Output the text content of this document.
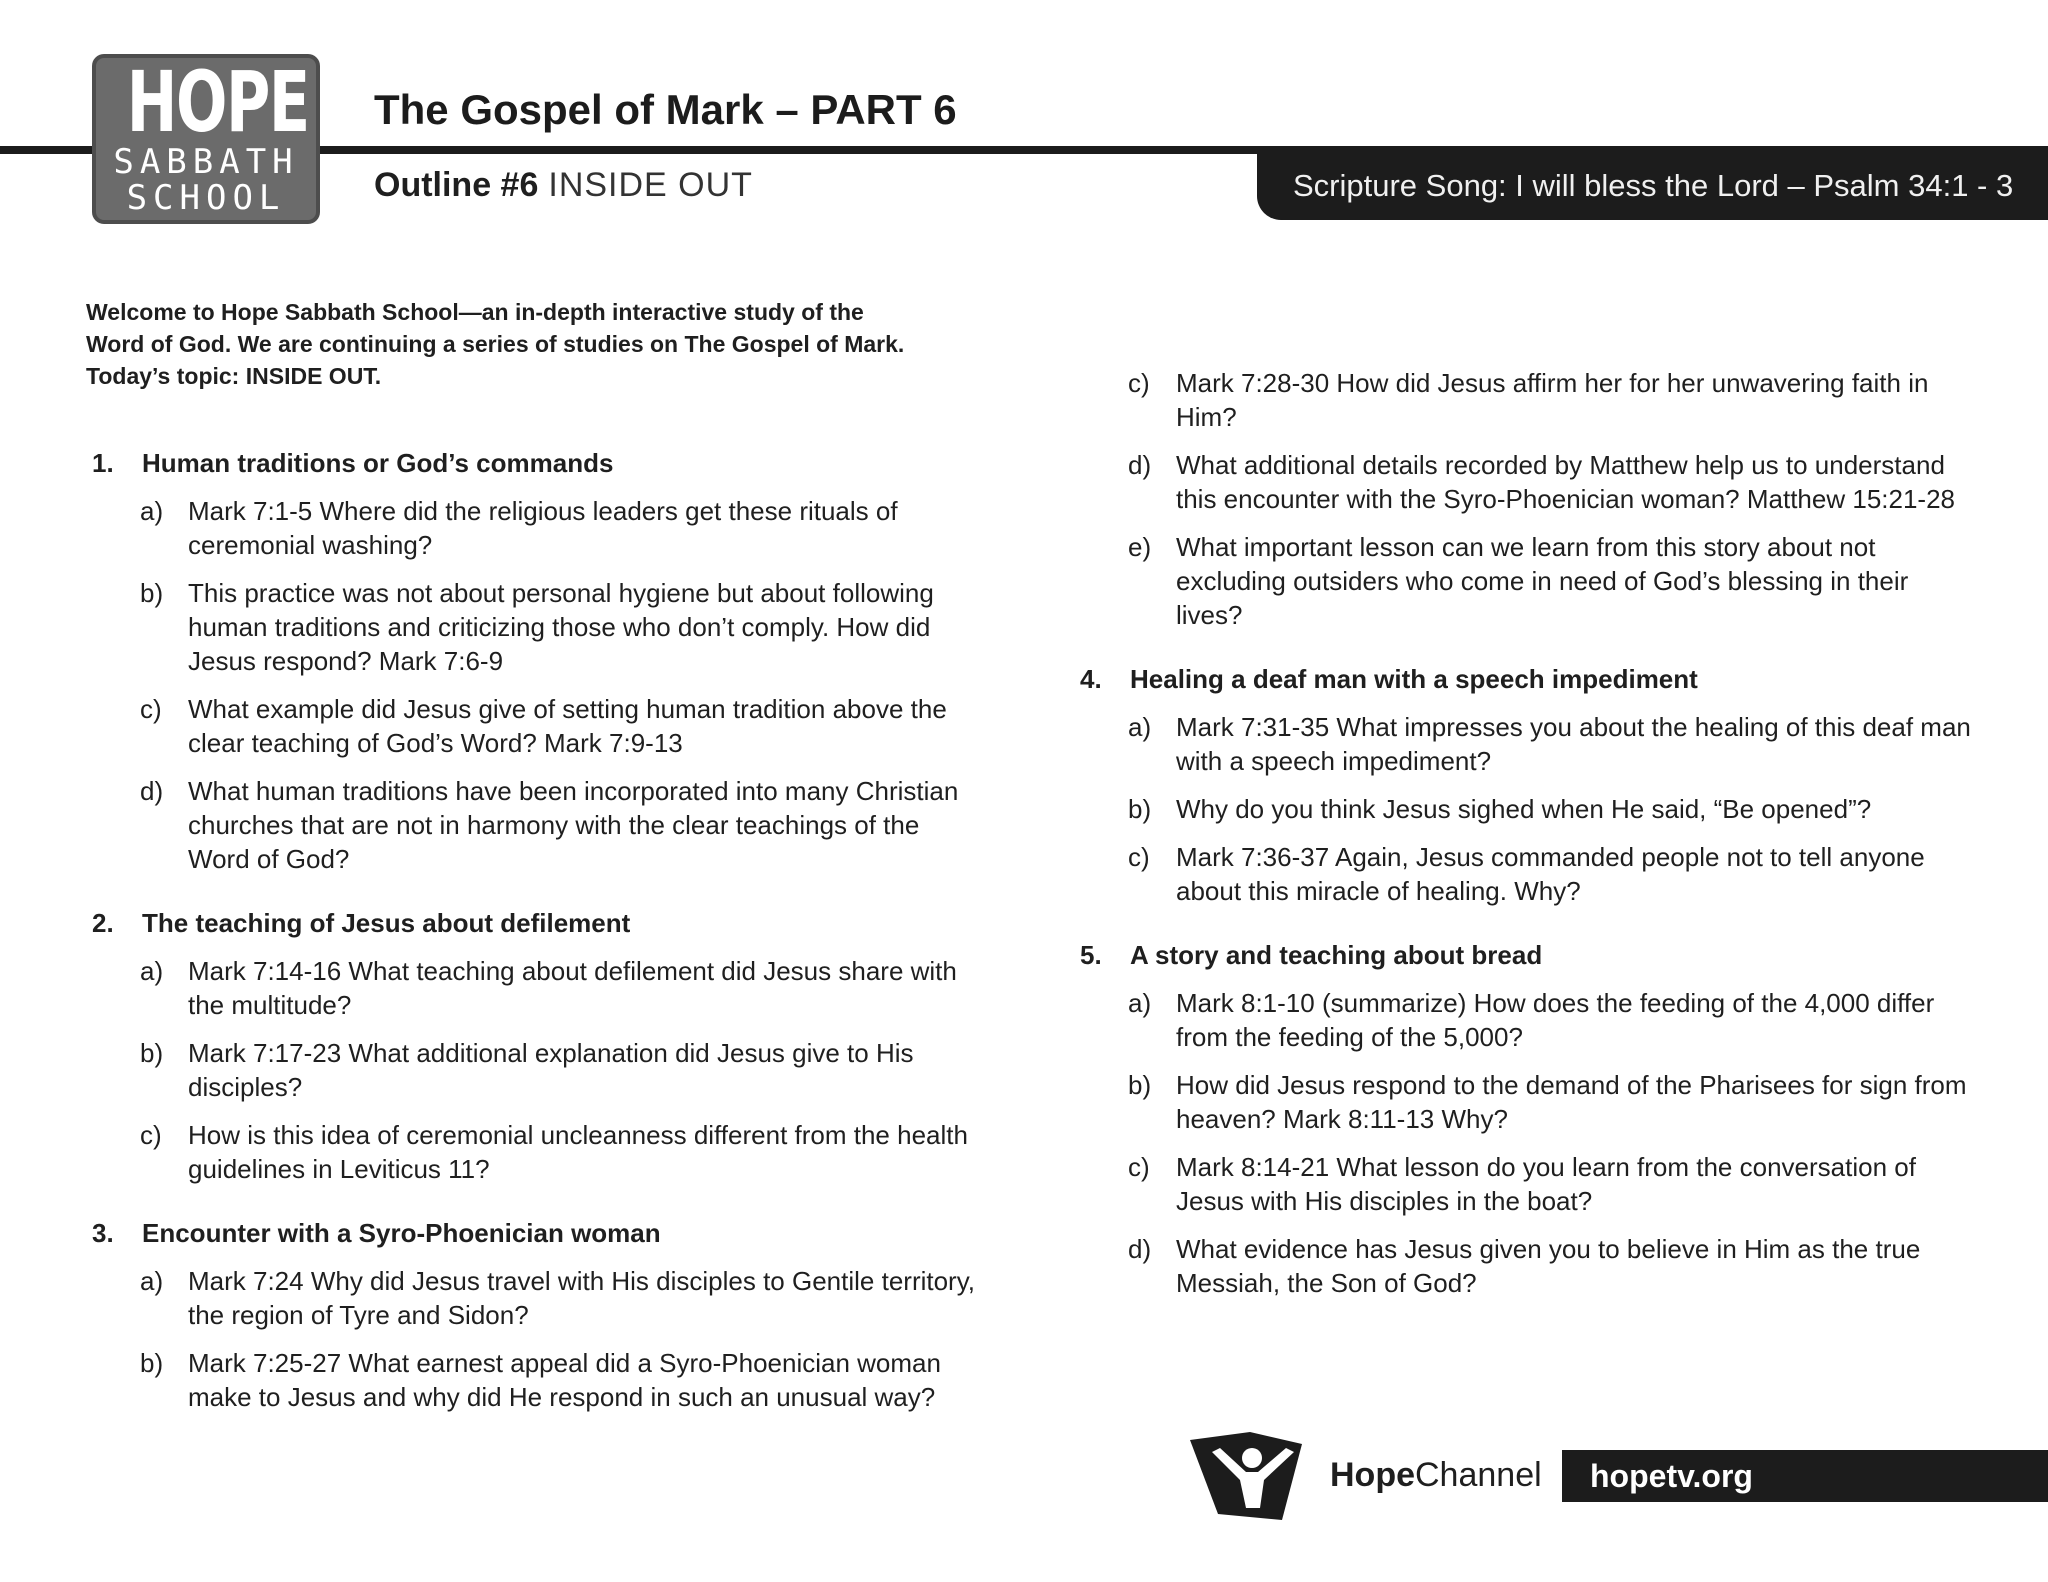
HOPE
SABBATH
SCHOOL
The Gospel of Mark – PART 6
Outline #6 INSIDE OUT	Scripture Song: I will bless the Lord – Psalm 34:1 - 3
Welcome to Hope Sabbath School—an in-depth interactive study of the
Word of God. We are continuing a series of studies on The Gospel of Mark.
Today’s topic: INSIDE OUT.
1.	Human traditions or God’s commands
a) Mark 7:1-5 Where did the religious leaders get these rituals of ceremonial washing?
b) This practice was not about personal hygiene but about following human traditions and criticizing those who don’t comply. How did Jesus respond? Mark 7:6-9
c)	What example did Jesus give of setting human tradition above the clear teaching of God’s Word? Mark 7:9-13
d) What human traditions have been incorporated into many Christian churches that are not in harmony with the clear teachings of the Word of God?
2.	The teaching of Jesus about defilement
a) Mark 7:14-16 What teaching about defilement did Jesus share with the multitude?
b) Mark 7:17-23 What additional explanation did Jesus give to His disciples?
c)	How is this idea of ceremonial uncleanness different from the health guidelines in Leviticus 11?
3.	Encounter with a Syro-Phoenician woman
a) Mark 7:24 Why did Jesus travel with His disciples to Gentile territory, the region of Tyre and Sidon?
b) Mark 7:25-27 What earnest appeal did a Syro-Phoenician woman make to Jesus and why did He respond in such an unusual way?
c)	Mark 7:28-30 How did Jesus affirm her for her unwavering faith in Him?
d) What additional details recorded by Matthew help us to understand this encounter with the Syro-Phoenician woman? Matthew 15:21-28
e) What important lesson can we learn from this story about not excluding outsiders who come in need of God’s blessing in their lives?
4.	Healing a deaf man with a speech impediment
a) Mark 7:31-35 What impresses you about the healing of this deaf man with a speech impediment?
b) Why do you think Jesus sighed when He said, “Be opened”?
c)	Mark 7:36-37 Again, Jesus commanded people not to tell anyone about this miracle of healing. Why?
5.	A story and teaching about bread
a) Mark 8:1-10 (summarize) How does the feeding of the 4,000 differ from the feeding of the 5,000?
b) How did Jesus respond to the demand of the Pharisees for sign from heaven? Mark 8:11-13 Why?
c)	Mark 8:14-21 What lesson do you learn from the conversation of Jesus with His disciples in the boat?
d) What evidence has Jesus given you to believe in Him as the true Messiah, the Son of God?
HopeChannel	hopetv.org
